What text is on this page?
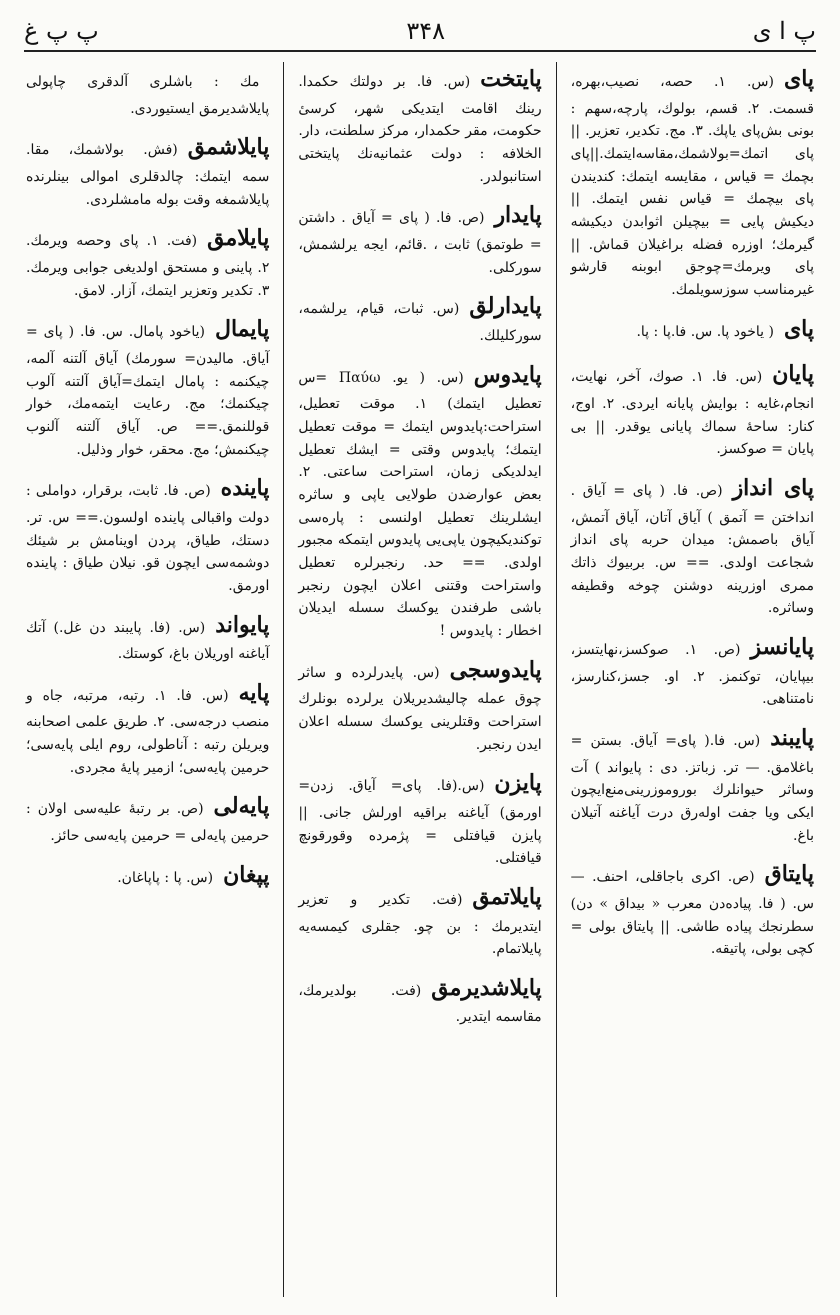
پ ا ی
۳۴۸
پ پ غ
پای(س. ۱. حصه، نصیب،بهره، قسمت. ۲. قسم، بولوك، پارچه،سهم : بونی بش‌پای یاپك. ۳. مج. تکدیر، تعزیر. || پای اتمك=بولاشمك،مقاسه‌ایتمك.||پای بچمك = قیاس ، مقایسه ایتمك: کندیندن پای بیچمك = قیاس نفس ایتمك. || دیکیش پایی = بیچیلن اثوابدن دیکیشه گیرمك؛ اوزره فضله براغیلان قماش. || پای ویرمك=چوجق ابوبنه قارشو غیرمناسب سوزسویلمك.
پای( یاخود پا. س. فا.پا : پا.
پایان(س. فا. ۱. صوك، آخر، نهایت، انجام،غایه : بوایش پایانه ایردی. ۲. اوج، کنار: ساحهٔ سماك پایانی یوقدر. || بی پایان = صوکسز.
پای انداز(ص. فا. ( پای = آیاق . انداختن = آتمق ) آیاق آتان، آیاق آتمش، آیاق باصمش: میدان حربه پای انداز شجاعت اولدی. == س. بربیوك ذاتك ممری اوزرینه دوشنن چوخه وقطیفه وساثره.
پایانسز(ص. ۱. صوکسز،نهایتسز، بیپایان، توکنمز. ۲. او. جسز،کنارسز، نامتناهی.
پایبند(س. فا.( پای= آیاق. بستن = باغلامق. — تر. زباتز. دی : پایواند ) آت وساثر حیوانلرك بوروموزرینی‌منع‌ایچون ایکی ویا جفت اوله‌رق درت آیاغنه آتیلان باغ.
پایتاق(ص. اکری باجاقلی، احنف. — س. ( فا. پیاده‌دن معرب « بیداق » دن) سطرنجك پیاده طاشی. || پایتاق بولی = کچی بولی، پاتیقه.
پایتخت(س. فا. بر دولتك حکمدا. رینك اقامت ایتدیکی شهر، کرسیٔ حکومت، مقر حکمدار، مرکز سلطنت، دار. الخلافه : دولت عثمانیه‌نك پایتختی استانبولدر.
پایدار(ص. فا. ( پای = آیاق . داشتن = طوتمق) ثابت ، .قائم، ایجه یرلشمش، سورکلی.
پایدارلق(س. ثبات، قیام، یرلشمه، سورکلیلك.
پایدوس(س. ( یو. Παύω =س تعطیل ایتمك) ۱. موقت تعطیل، استراحت:پایدوس ایتمك = موقت تعطیل ایتمك؛ پایدوس وقتی = ایشك تعطیل ایدلدیکی زمان، استراحت ساعتی. ۲. بعض عوارضدن طولایی یاپی و ساثره ایشلرینك تعطیل اولنسی : پاره‌سی توکندیکیچون یاپی‌یی پایدوس ایتمکه مجبور اولدی. == حد. رنجبرلره تعطیل واستراحت وقتنی اعلان ایچون رنجبر باشی طرفندن یوکسك سسله ایدیلان اخطار : پایدوس !
پایدوسجی(س. پایدرلرده و ساثر چوق عمله چالیشدیریلان یرلرده بونلرك استراحت وقتلرینی یوکسك سسله اعلان ایدن رنجبر.
پایزن(س.(فا. پای= آیاق. زدن= اورمق) آیاغنه براقیه اورلش جانی. || پایزن قیافتلی = پژمرده وقورقونچ قیافتلی.
پایلاتمق(فت. تکدیر و تعزیر ایتدیرمك : بن چو. جقلری کیمسه‌یه پایلاتمام.
پایلاشدیرمق(فت. بولدیرمك، مقاسمه ایتدیر.
مك : باشلری آلدقری چاپولی پایلاشدیرمق ایستیوردی.
پایلاشمق(فش. بولاشمك، مقا. سمه ایتمك: چالدقلری اموالی بینلرنده پایلاشمغه وقت بوله مامشلردی.
پایلامق(فت. ۱. پای وحصه ویرمك. ۲. پاینی و مستحق اولدیغی جوابی ویرمك. ۳. تکدیر وتعزیر ایتمك، آزار. لامق.
پایمال(یاخود پامال. س. فا. ( پای = آیاق. مالیدن= سورمك) آیاق آلتنه آلمه، چیکنمه : پامال ایتمك=آیاق آلتنه آلوب چیکنمك؛ مج. رعایت ایتمه‌مك، خوار قوللنمق.== ص. آیاق آلتنه آلنوب چیکنمش؛ مج. محقر، خوار وذلیل.
پاینده(ص. فا. ثابت، برقرار، دواملی : دولت واقبالی پاینده اولسون.== س. تر. دستك، طیاق، پردن اوینامش بر شیئك دوشمه‌سی ایچون قو. نیلان طیاق : پاینده اورمق.
پایواند(س. (فا. پایبند دن غل.) آتك آیاغنه اوریلان باغ، کوستك.
پایه(س. فا. ۱. رتبه، مرتبه، جاه و منصب درجه‌سی. ۲. طریق علمی اصحابنه ویریلن رتبه : آناطولی، روم ایلی پایه‌سی؛ حرمین پایه‌سی؛ ازمیر پایهٔ مجردی.
پایه‌لی(ص. بر رتبهٔ علیه‌سی اولان : حرمین پایه‌لی = حرمین پایه‌سی حائز.
پپغان(س. پا : پاپاغان.
